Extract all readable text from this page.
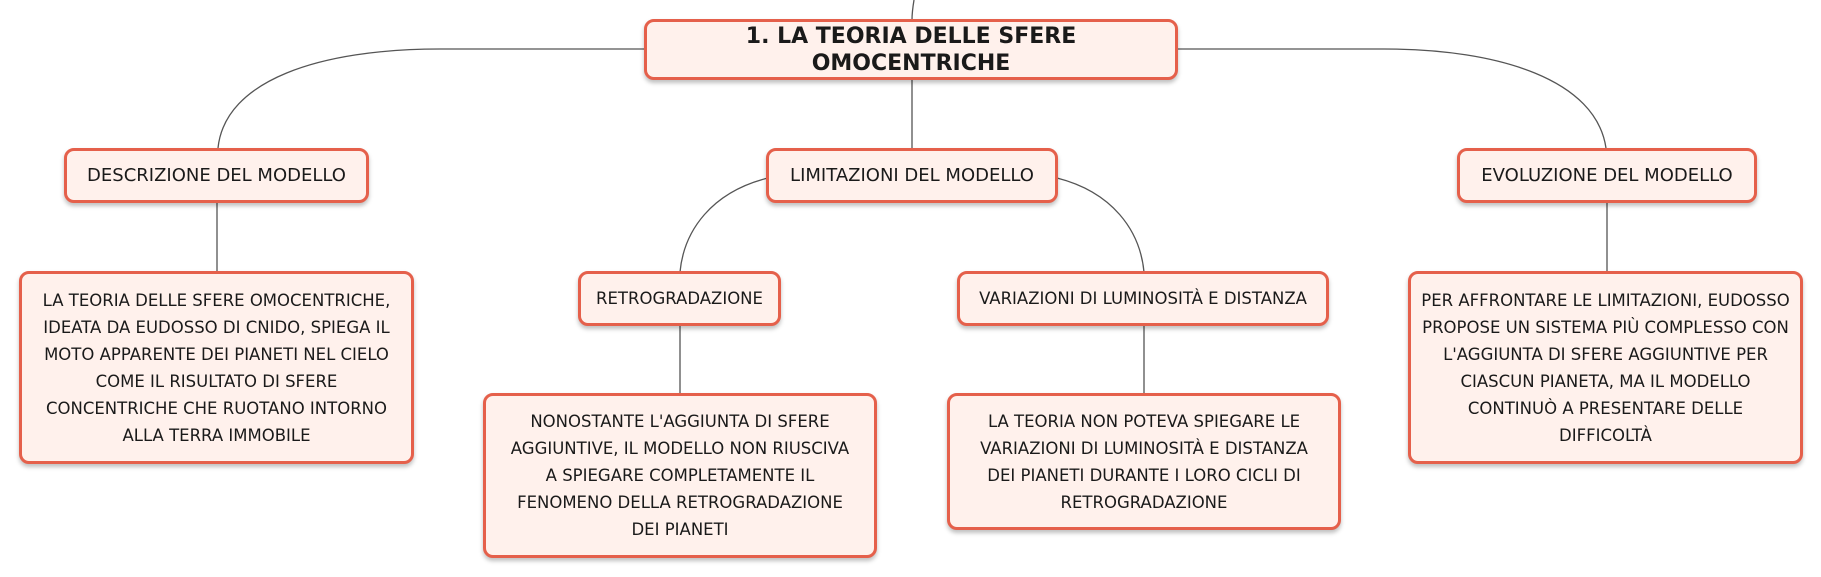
1. LA TEORIA DELLE SFERE OMOCENTRICHE
DESCRIZIONE DEL MODELLO	LIMITAZIONI DEL MODELLO	EVOLUZIONE DEL MODELLO
LA TEORIA DELLE SFERE OMOCENTRICHE, IDEATA DA EUDOSSO DI CNIDO, SPIEGA IL MOTO APPARENTE DEI PIANETI NEL CIELO COME IL RISULTATO DI SFERE CONCENTRICHE CHE RUOTANO INTORNO ALLA TERRA IMMOBILE
RETROGRADAZIONE	VARIAZIONI DI LUMINOSITÀ E DISTANZA
NONOSTANTE L'AGGIUNTA DI SFERE AGGIUNTIVE, IL MODELLO NON RIUSCIVA A SPIEGARE COMPLETAMENTE IL FENOMENO DELLA RETROGRADAZIONE DEI PIANETI
LA TEORIA NON POTEVA SPIEGARE LE VARIAZIONI DI LUMINOSITÀ E DISTANZA DEI PIANETI DURANTE I LORO CICLI DI RETROGRADAZIONE
PER AFFRONTARE LE LIMITAZIONI, EUDOSSO PROPOSE UN SISTEMA PIÙ COMPLESSO CON L'AGGIUNTA DI SFERE AGGIUNTIVE PER CIASCUN PIANETA, MA IL MODELLO CONTINUÒ A PRESENTARE DELLE DIFFICOLTÀ
